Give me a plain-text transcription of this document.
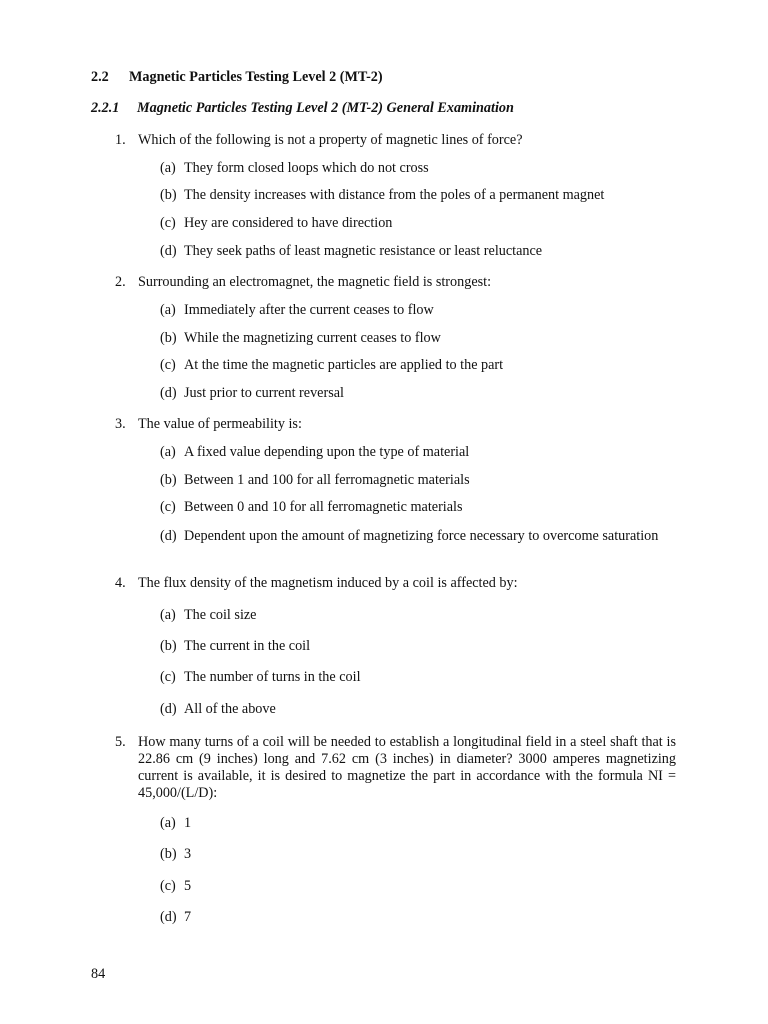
2.2 Magnetic Particles Testing Level 2 (MT-2)
2.2.1 Magnetic Particles Testing Level 2 (MT-2) General Examination
1. Which of the following is not a property of magnetic lines of force?
(a) They form closed loops which do not cross
(b) The density increases with distance from the poles of a permanent magnet
(c) Hey are considered to have direction
(d) They seek paths of least magnetic resistance or least reluctance
2. Surrounding an electromagnet, the magnetic field is strongest:
(a) Immediately after the current ceases to flow
(b) While the magnetizing current ceases to flow
(c) At the time the magnetic particles are applied to the part
(d) Just prior to current reversal
3. The value of permeability is:
(a) A fixed value depending upon the type of material
(b) Between 1 and 100 for all ferromagnetic materials
(c) Between 0 and 10 for all ferromagnetic materials
(d) Dependent upon the amount of magnetizing force necessary to overcome saturation
4. The flux density of the magnetism induced by a coil is affected by:
(a) The coil size
(b) The current in the coil
(c) The number of turns in the coil
(d) All of the above
5. How many turns of a coil will be needed to establish a longitudinal field in a steel shaft that is 22.86 cm (9 inches) long and 7.62 cm (3 inches) in diameter? 3000 amperes magnetizing current is available, it is desired to magnetize the part in accordance with the formula NI = 45,000/(L/D):
(a) 1
(b) 3
(c) 5
(d) 7
84
